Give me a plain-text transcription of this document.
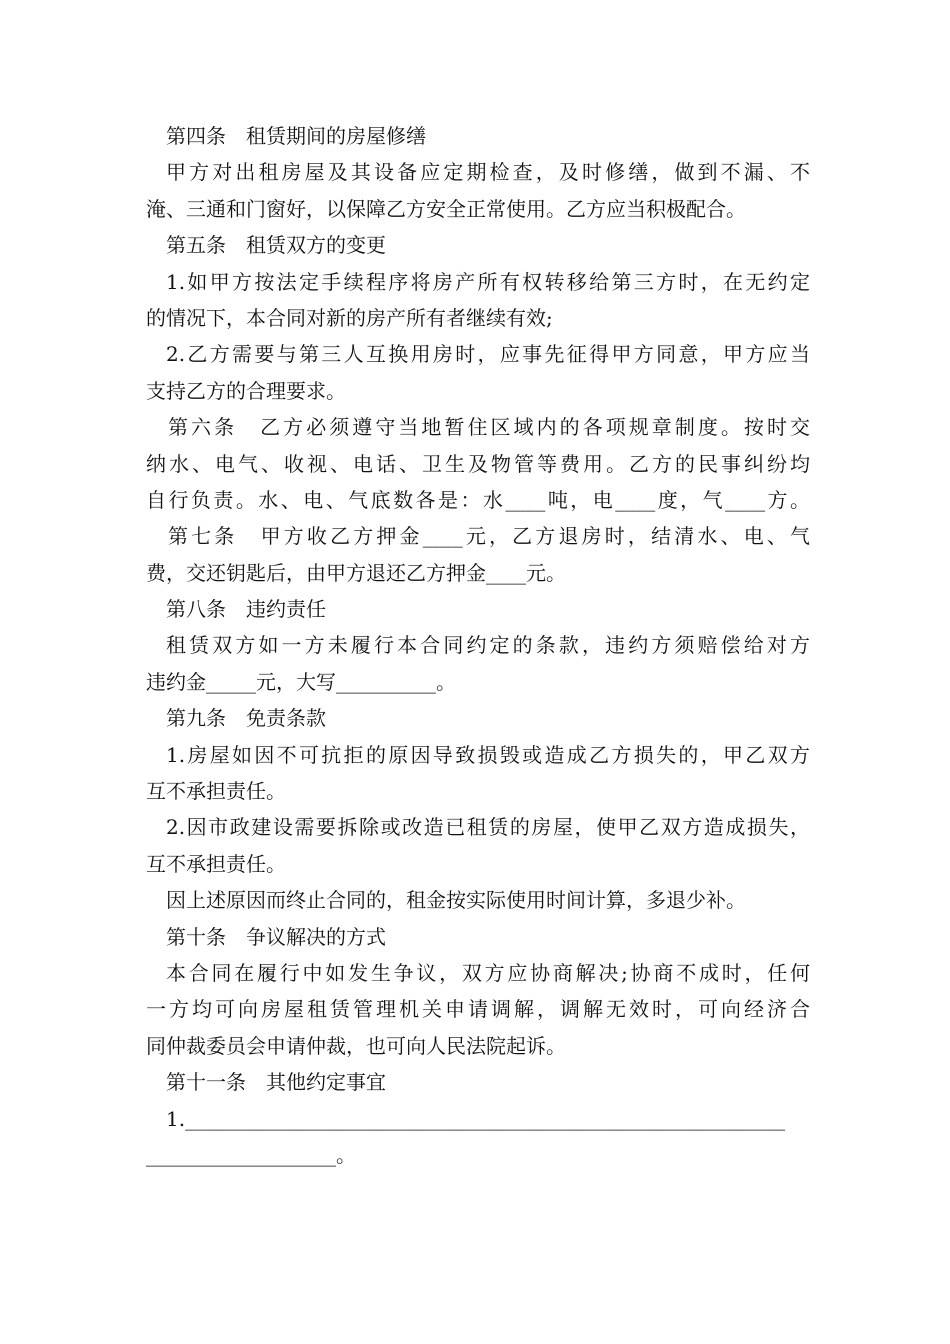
第四条　租赁期间的房屋修缮
甲方对出租房屋及其设备应定期检查，及时修缮，做到不漏、不
淹、三通和门窗好，以保障乙方安全正常使用。乙方应当积极配合。
第五条　租赁双方的变更
1.如甲方按法定手续程序将房产所有权转移给第三方时，在无约定
的情况下，本合同对新的房产所有者继续有效;
2.乙方需要与第三人互换用房时，应事先征得甲方同意，甲方应当
支持乙方的合理要求。
第六条　乙方必须遵守当地暂住区域内的各项规章制度。按时交
纳水、电气、收视、电话、卫生及物管等费用。乙方的民事纠纷均
自行负责。水、电、气底数各是：水____吨，电____度，气____方。
第七条　甲方收乙方押金____元，乙方退房时，结清水、电、气
费，交还钥匙后，由甲方退还乙方押金____元。
第八条　违约责任
租赁双方如一方未履行本合同约定的条款，违约方须赔偿给对方
违约金_____元，大写__________。
第九条　免责条款
1.房屋如因不可抗拒的原因导致损毁或造成乙方损失的，甲乙双方
互不承担责任。
2.因市政建设需要拆除或改造已租赁的房屋，使甲乙双方造成损失，
互不承担责任。
因上述原因而终止合同的，租金按实际使用时间计算，多退少补。
第十条　争议解决的方式
本合同在履行中如发生争议，双方应协商解决;协商不成时，任何
一方均可向房屋租赁管理机关申请调解，调解无效时，可向经济合
同仲裁委员会申请仲裁，也可向人民法院起诉。
第十一条　其他约定事宜
1.____________________________________________________________
___________________。
